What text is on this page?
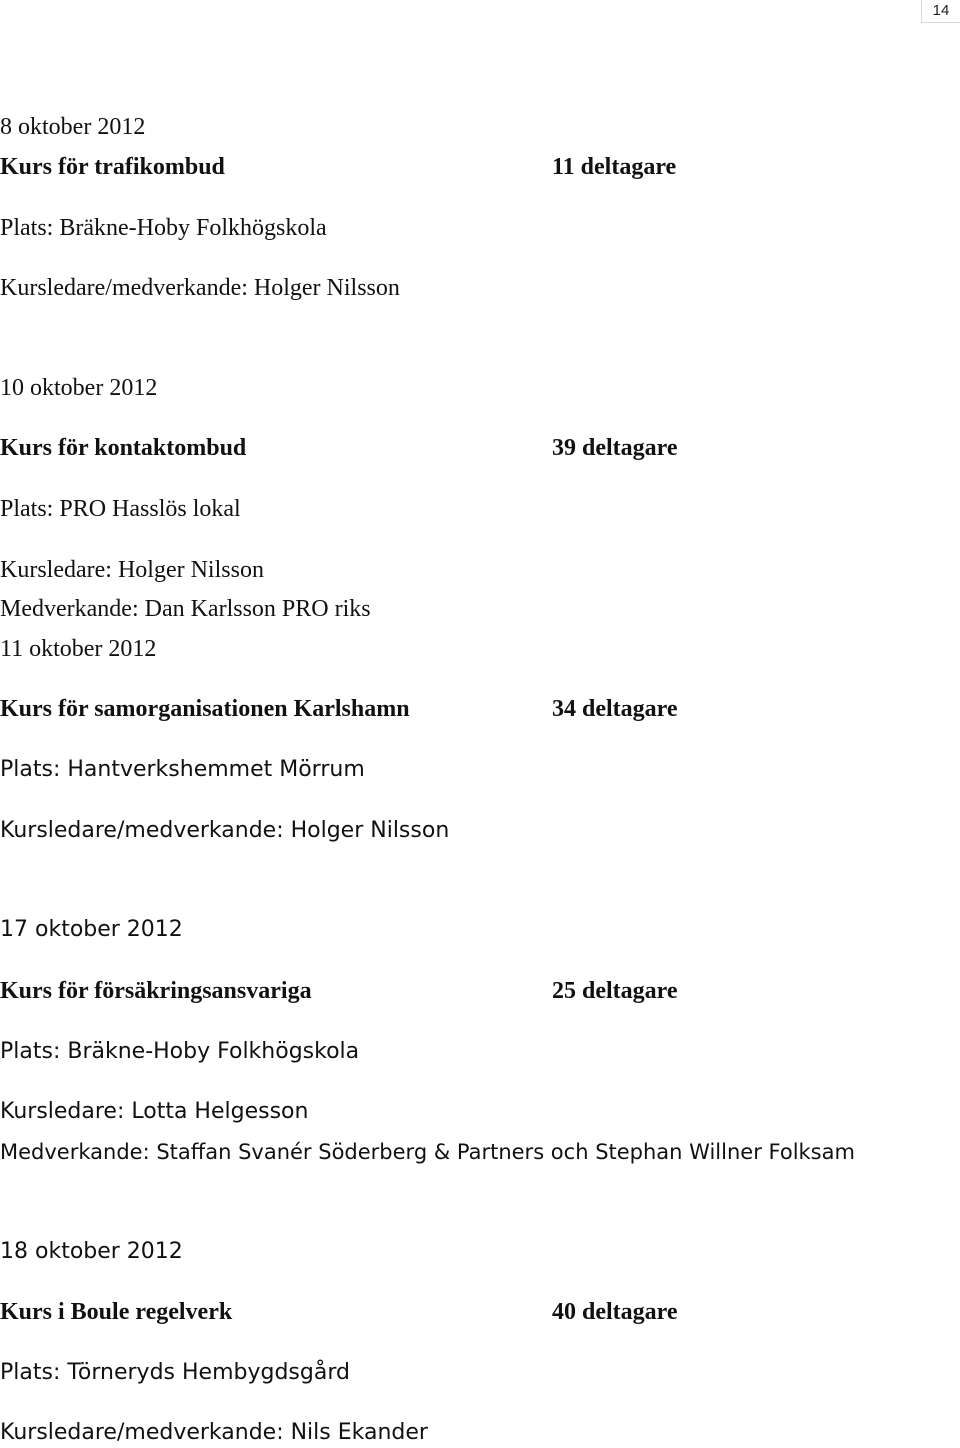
14
8 oktober 2012
Kurs för trafikombud	11 deltagare
Plats: Bräkne-Hoby Folkhögskola
Kursledare/medverkande: Holger Nilsson
10 oktober 2012
Kurs för kontaktombud	39 deltagare
Plats: PRO Hasslös lokal
Kursledare: Holger Nilsson
Medverkande: Dan Karlsson PRO riks
11 oktober 2012
Kurs för samorganisationen Karlshamn	34 deltagare
Plats: Hantverkshemmet Mörrum
Kursledare/medverkande: Holger Nilsson
17 oktober 2012
Kurs för försäkringsansvariga	25 deltagare
Plats: Bräkne-Hoby Folkhögskola
Kursledare: Lotta Helgesson
Medverkande: Staffan Svanér Söderberg & Partners och Stephan Willner Folksam
18 oktober 2012
Kurs i Boule regelverk	40 deltagare
Plats: Törneryds Hembygdsgård
Kursledare/medverkande: Nils Ekander
